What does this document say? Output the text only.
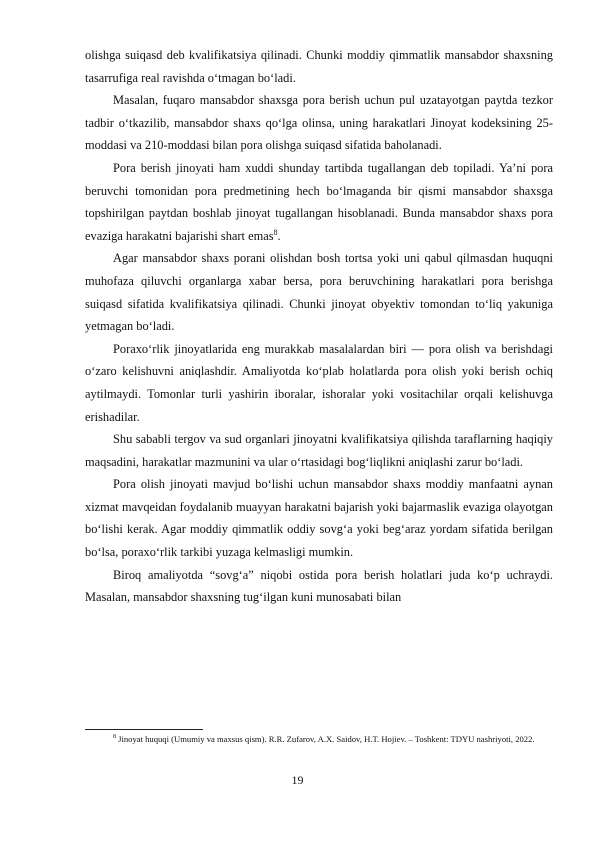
olishga suiqasd deb kvalifikatsiya qilinadi. Chunki moddiy qimmatlik mansabdor shaxsning tasarrufiga real ravishda o‘tmagan bo‘ladi.

Masalan, fuqaro mansabdor shaxsga pora berish uchun pul uzatayotgan paytda tezkor tadbir o‘tkazilib, mansabdor shaxs qo‘lga olinsa, uning harakatlari Jinoyat kodeksining 25-moddasi va 210-moddasi bilan pora olishga suiqasd sifatida baholanadi.

Pora berish jinoyati ham xuddi shunday tartibda tugallangan deb topiladi. Ya’ni pora beruvchi tomonidan pora predmetining hech bo‘lmaganda bir qismi mansabdor shaxsga topshirilgan paytdan boshlab jinoyat tugallangan hisoblanadi. Bunda mansabdor shaxs pora evaziga harakatni bajarishi shart emas$^8$.

Agar mansabdor shaxs porani olishdan bosh tortsa yoki uni qabul qilmasdan huquqni muhofaza qiluvchi organlarga xabar bersa, pora beruvchining harakatlari pora berishga suiqasd sifatida kvalifikatsiya qilinadi. Chunki jinoyat obyektiv tomondan to‘liq yakuniga yetmagan bo‘ladi.

Poraxo‘rlik jinoyatlarida eng murakkab masalalardan biri — pora olish va berishdagi o‘zaro kelishuvni aniqlashdir. Amaliyotda ko‘plab holatlarda pora olish yoki berish ochiq aytilmaydi. Tomonlar turli yashirin iboralar, ishoralar yoki vositachilar orqali kelishuvga erishadilar.

Shu sababli tergov va sud organlari jinoyatni kvalifikatsiya qilishda taraflarning haqiqiy maqsadini, harakatlar mazmunini va ular o‘rtasidagi bog‘liqlikni aniqlashi zarur bo‘ladi.

Pora olish jinoyati mavjud bo‘lishi uchun mansabdor shaxs moddiy manfaatni aynan xizmat mavqeidan foydalanib muayyan harakatni bajarish yoki bajarmaslik evaziga olayotgan bo‘lishi kerak. Agar moddiy qimmatlik oddiy sovg‘a yoki beg‘araz yordam sifatida berilgan bo‘lsa, poraxo‘rlik tarkibi yuzaga kelmasligi mumkin.

Biroq amaliyotda “sovg‘a” niqobi ostida pora berish holatlari juda ko‘p uchraydi. Masalan, mansabdor shaxsning tug‘ilgan kuni munosabati bilan

$^8$ Jinoyat huquqi (Umumiy va maxsus qism). R.R. Zufarov, A.X. Saidov, H.T. Hojiev. – Toshkent: TDYU nashriyoti, 2022.

19
